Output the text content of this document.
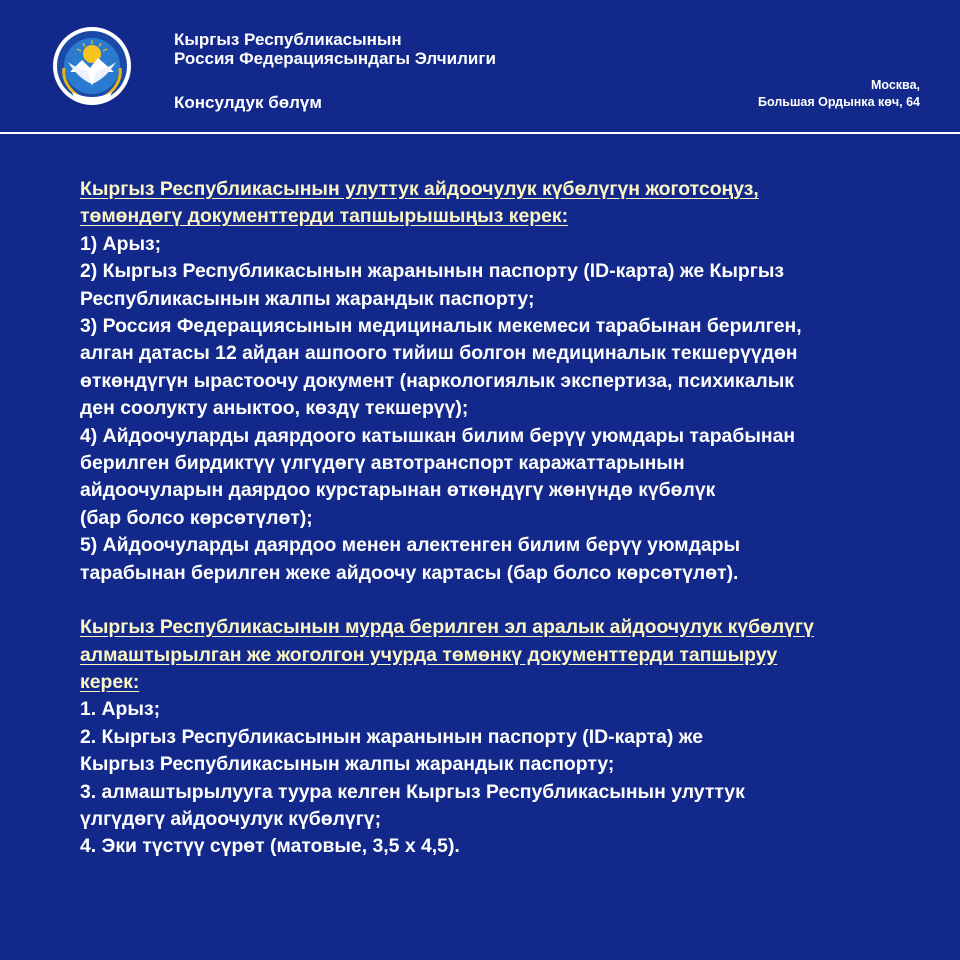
Кыргыз Республикасынын
Россия Федерациясындагы Элчилиги
Консулдук бөлүм
Москва,
Большая Ордынка көч, 64
Кыргыз Республикасынын улуттук айдоочулук күбөлүгүн жоготсоңуз,
төмөндөгү документтерди тапшырышыңыз керек:
1) Арыз;
2) Кыргыз Республикасынын жаранынын паспорту (ID-карта) же Кыргыз
Республикасынын жалпы жарандык паспорту;
3) Россия Федерациясынын медициналык мекемеси тарабынан берилген,
алган датасы 12 айдан ашпоого тийиш болгон медициналык текшерүүдөн
өткөндүгүн ырастоочу документ (наркологиялык экспертиза, психикалык
ден соолукту аныктоо, көздү текшерүү);
4) Айдоочуларды даярдоого катышкан билим берүү уюмдары тарабынан
берилген бирдиктүү үлгүдөгү автотранспорт каражаттарынын
айдоочуларын даярдоо курстарынан өткөндүгү жөнүндө күбөлүк
(бар болсо көрсөтүлөт);
5) Айдоочуларды даярдоо менен алектенген билим берүү уюмдары
тарабынан берилген жеке айдоочу картасы (бар болсо көрсөтүлөт).
Кыргыз Республикасынын мурда берилген эл аралык айдоочулук күбөлүгү
алмаштырылган же жоголгон учурда төмөнкү документтерди тапшыруу
керек:
1. Арыз;
2. Кыргыз Республикасынын жаранынын паспорту (ID-карта) же
Кыргыз Республикасынын жалпы жарандык паспорту;
3. алмаштырылууга туура келген Кыргыз Республикасынын улуттук
үлгүдөгү айдоочулук күбөлүгү;
4. Эки түстүү сүрөт (матовые, 3,5 х 4,5).
